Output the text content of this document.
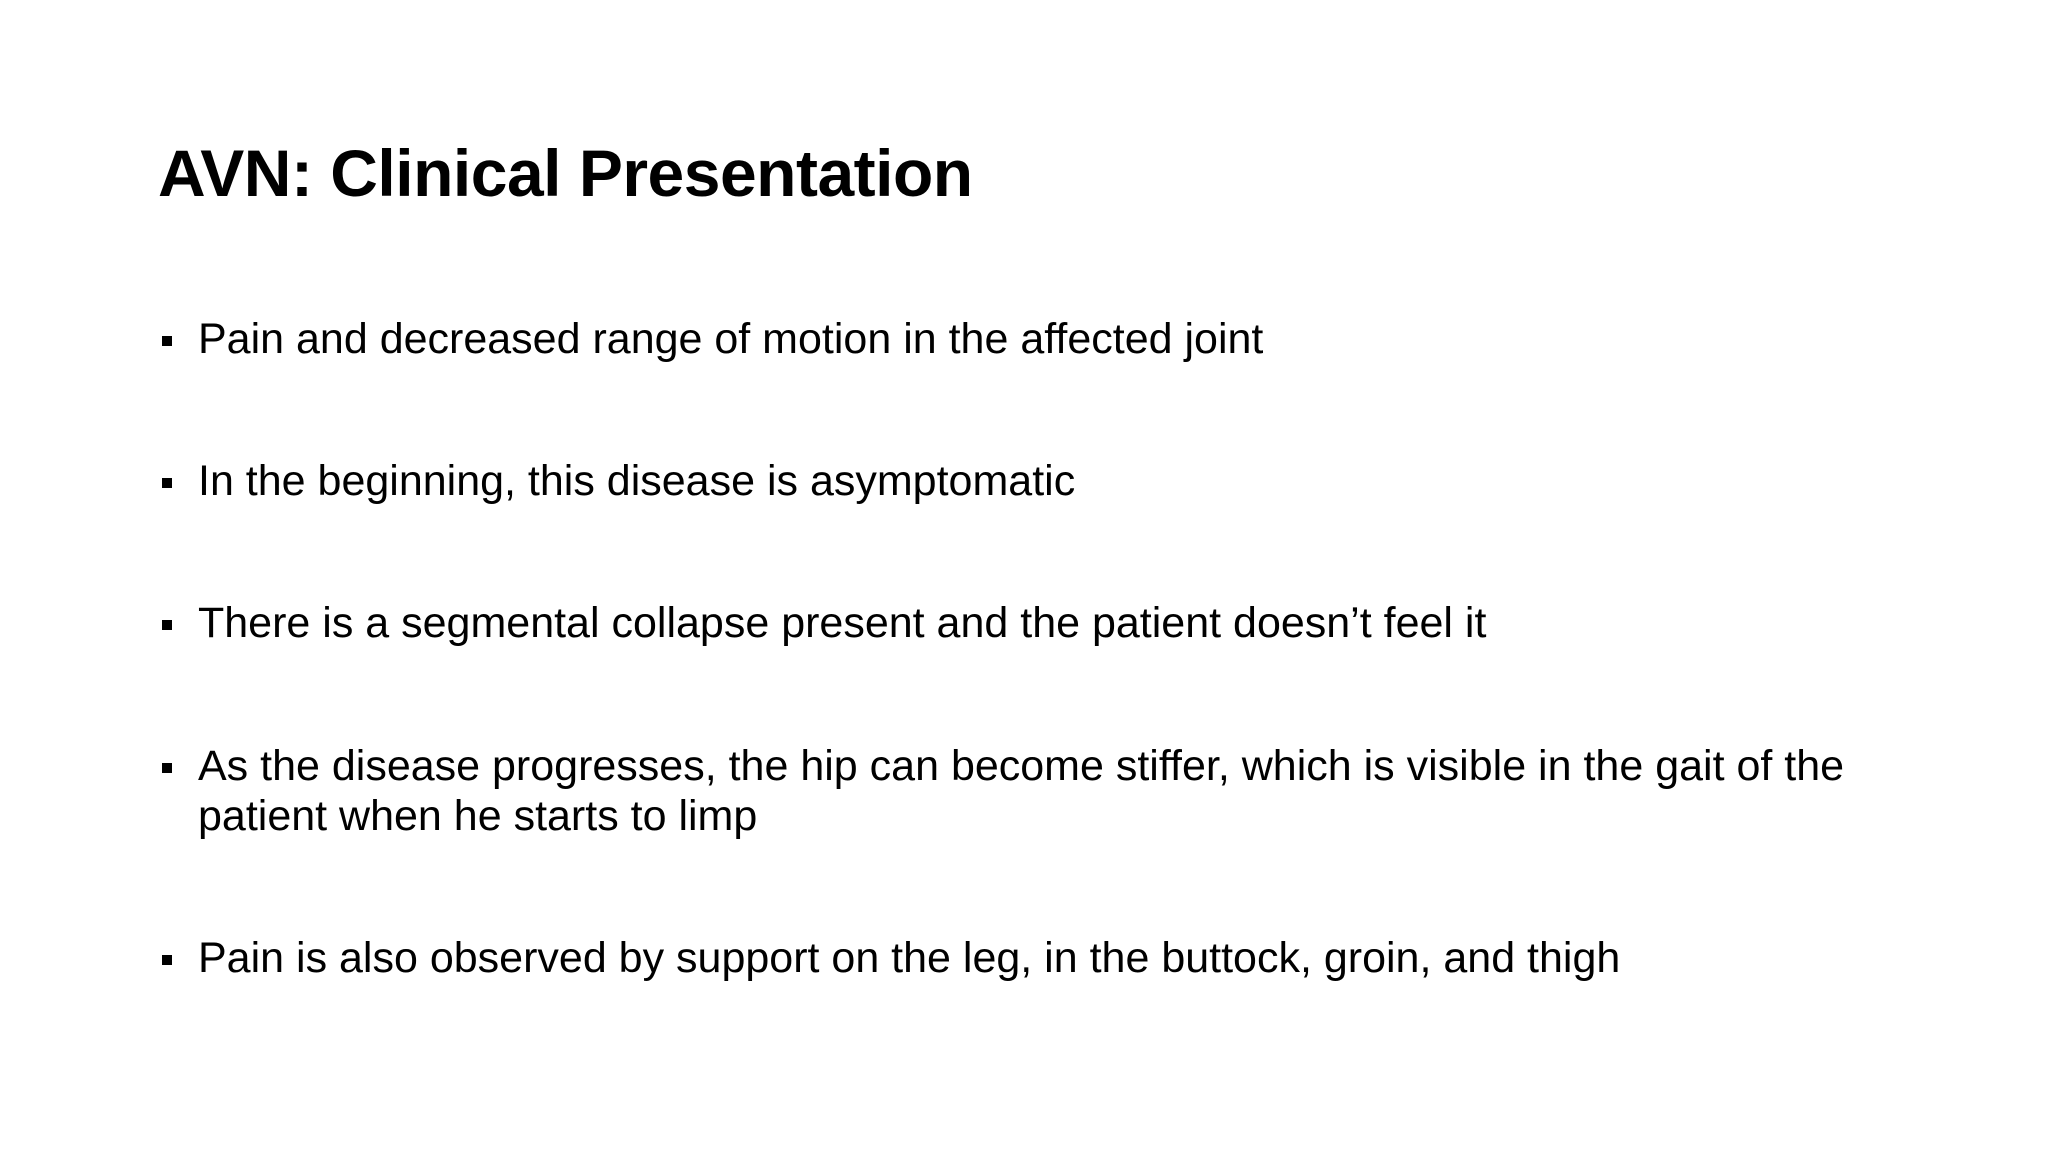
AVN: Clinical Presentation
Pain and decreased range of motion in the affected joint
In the beginning, this disease is asymptomatic
There is a segmental collapse present and the patient doesn’t feel it
As the disease progresses, the hip can become stiffer, which is visible in the gait of the patient when he starts to limp
Pain is also observed by support on the leg, in the buttock, groin, and thigh
